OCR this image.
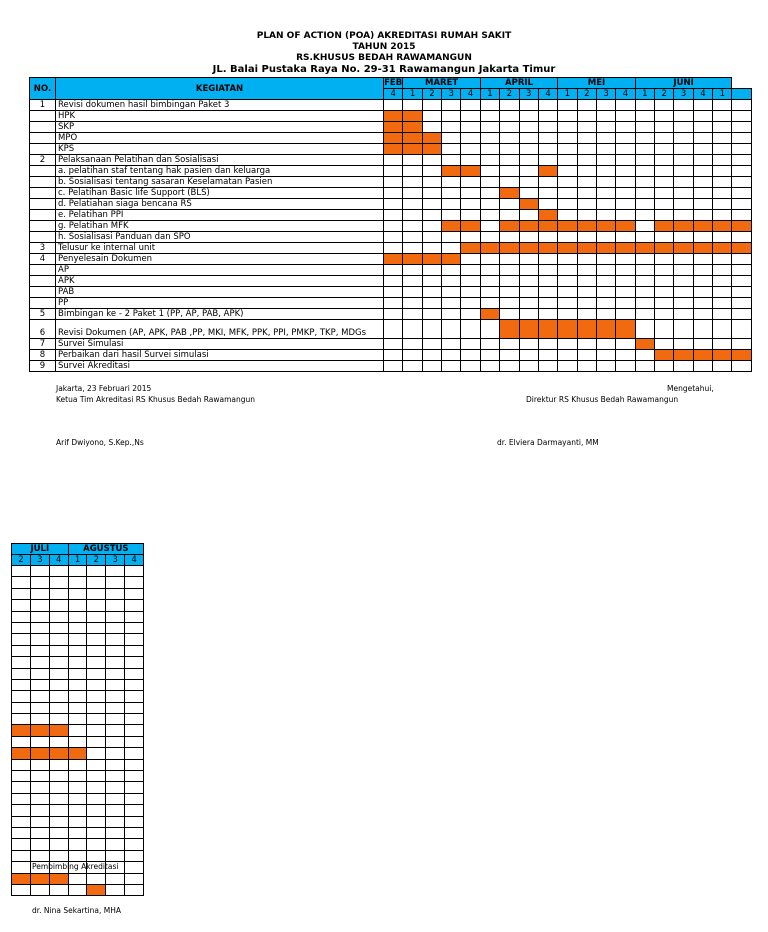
PLAN OF ACTION (POA) AKREDITASI RUMAH SAKIT
TAHUN 2015
RS.KHUSUS BEDAH RAWAMANGUN
JL. Balai Pustaka Raya No. 29-31 Rawamangun Jakarta Timur
NO.	KEGIATAN	FEB	MARET				APRIL				MEI				JUNI					
		4	1	2	3	4	1	2	3	4	1	2	3	4	1	2	3	4	1	
1	Revisi dokumen hasil bimbingan Paket 3																			
	HPK																			
	SKP																			
	MPO																			
	KPS																			
2	Pelaksanaan Pelatihan dan Sosialisasi																			
	a. pelatihan staf tentang hak pasien dan keluarga																			
	b. Sosialisasi tentang sasaran Keselamatan Pasien																			
	c. Pelatihan Basic life Support (BLS)																			
	d. Pelatiahan siaga bencana RS																			
	e. Pelatihan PPI																			
	g. Pelatihan MFK																			
	h. Sosialisasi Panduan dan SPO																			
3	Telusur ke internal unit																			
4	Penyelesain Dokumen																			
	AP																			
	APK																			
	PAB																			
	PP																			
5	Bimbingan ke - 2 Paket 1 (PP, AP, PAB, APK)																			
6	Revisi Dokumen (AP, APK, PAB ,PP, MKI, MFK, PPK, PPI, PMKP, TKP, MDGs																			
7	Survei Simulasi																			
8	Perbaikan dari hasil Survei simulasi																			
9	Survei Akreditasi																			
Jakarta, 23 Februari 2015	Mengetahui,
Ketua Tim Akreditasi RS Khusus Bedah Rawamangun	Direktur RS Khusus Bedah Rawamangun
Arif Dwiyono, S.Kep.,Ns	dr. Elviera Darmayanti, MM
JULI			AGUSTUS			
2	3	4	1	2	3	4

Pembimbing Akreditasi
dr. Nina Sekartina, MHA
